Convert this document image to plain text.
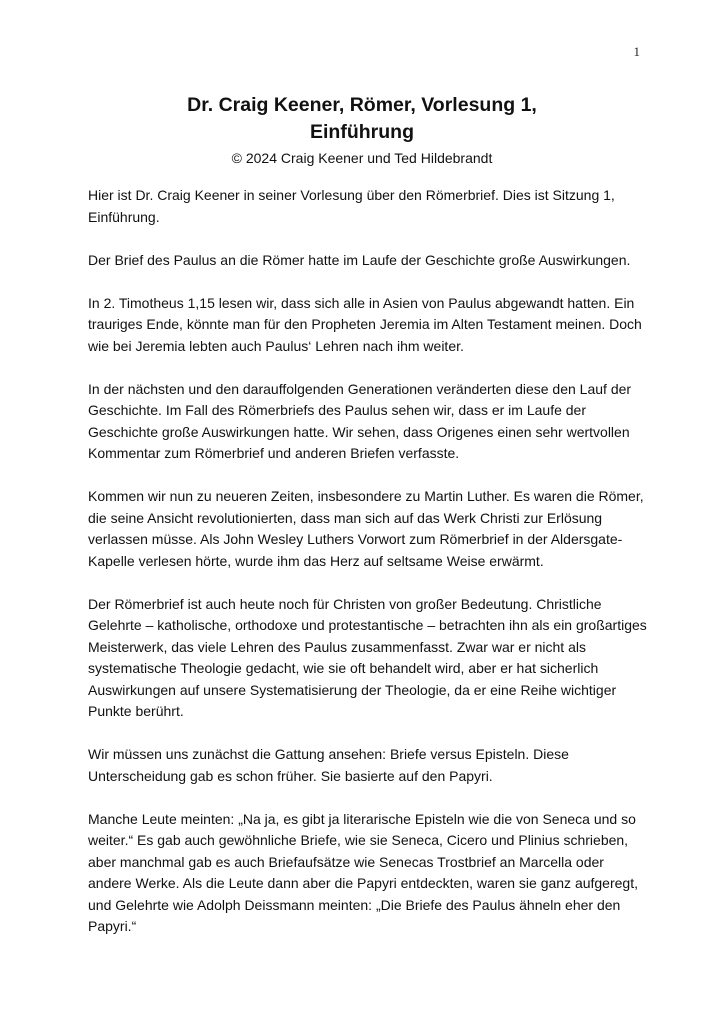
1
Dr. Craig Keener, Römer, Vorlesung 1,
Einführung
© 2024 Craig Keener und Ted Hildebrandt

Hier ist Dr. Craig Keener in seiner Vorlesung über den Römerbrief. Dies ist Sitzung 1, Einführung.

Der Brief des Paulus an die Römer hatte im Laufe der Geschichte große Auswirkungen.

In 2. Timotheus 1,15 lesen wir, dass sich alle in Asien von Paulus abgewandt hatten. Ein trauriges Ende, könnte man für den Propheten Jeremia im Alten Testament meinen. Doch wie bei Jeremia lebten auch Paulus‘ Lehren nach ihm weiter.

In der nächsten und den darauffolgenden Generationen veränderten diese den Lauf der Geschichte. Im Fall des Römerbriefs des Paulus sehen wir, dass er im Laufe der Geschichte große Auswirkungen hatte. Wir sehen, dass Origenes einen sehr wertvollen Kommentar zum Römerbrief und anderen Briefen verfasste.

Kommen wir nun zu neueren Zeiten, insbesondere zu Martin Luther. Es waren die Römer, die seine Ansicht revolutionierten, dass man sich auf das Werk Christi zur Erlösung verlassen müsse. Als John Wesley Luthers Vorwort zum Römerbrief in der Aldersgate-Kapelle verlesen hörte, wurde ihm das Herz auf seltsame Weise erwärmt.

Der Römerbrief ist auch heute noch für Christen von großer Bedeutung. Christliche Gelehrte – katholische, orthodoxe und protestantische – betrachten ihn als ein großartiges Meisterwerk, das viele Lehren des Paulus zusammenfasst. Zwar war er nicht als systematische Theologie gedacht, wie sie oft behandelt wird, aber er hat sicherlich Auswirkungen auf unsere Systematisierung der Theologie, da er eine Reihe wichtiger Punkte berührt.

Wir müssen uns zunächst die Gattung ansehen: Briefe versus Episteln. Diese Unterscheidung gab es schon früher. Sie basierte auf den Papyri.

Manche Leute meinten: „Na ja, es gibt ja literarische Episteln wie die von Seneca und so weiter.“ Es gab auch gewöhnliche Briefe, wie sie Seneca, Cicero und Plinius schrieben, aber manchmal gab es auch Briefaufsätze wie Senecas Trostbrief an Marcella oder andere Werke. Als die Leute dann aber die Papyri entdeckten, waren sie ganz aufgeregt, und Gelehrte wie Adolph Deissmann meinten: „Die Briefe des Paulus ähneln eher den Papyri.“
